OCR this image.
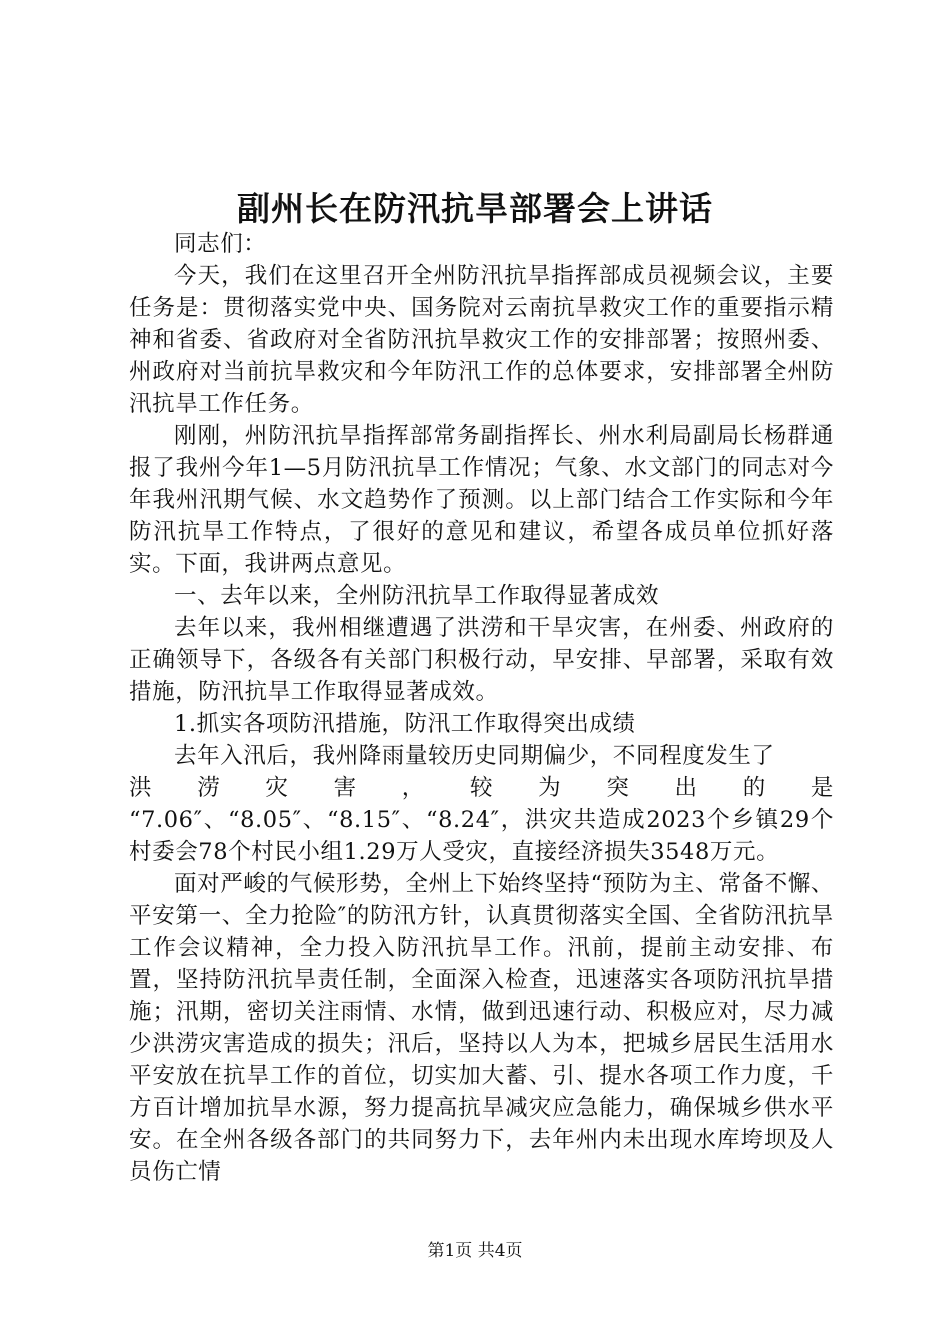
副州长在防汛抗旱部署会上讲话

同志们：

今天，我们在这里召开全州防汛抗旱指挥部成员视频会议，主要任务是：贯彻落实党中央、国务院对云南抗旱救灾工作的重要指示精神和省委、省政府对全省防汛抗旱救灾工作的安排部署；按照州委、州政府对当前抗旱救灾和今年防汛工作的总体要求，安排部署全州防汛抗旱工作任务。

刚刚，州防汛抗旱指挥部常务副指挥长、州水利局副局长杨群通报了我州今年1—5月防汛抗旱工作情况；气象、水文部门的同志对今年我州汛期气候、水文趋势作了预测。以上部门结合工作实际和今年防汛抗旱工作特点，了很好的意见和建议，希望各成员单位抓好落实。下面，我讲两点意见。

一、去年以来，全州防汛抗旱工作取得显著成效

去年以来，我州相继遭遇了洪涝和干旱灾害，在州委、州政府的正确领导下，各级各有关部门积极行动，早安排、早部署，采取有效措施，防汛抗旱工作取得显著成效。

1.抓实各项防汛措施，防汛工作取得突出成绩

去年入汛后，我州降雨量较历史同期偏少，不同程度发生了

洪 涝 灾 害 ， 较 为 突 出 的 是

“7.06″、“8.05″、“8.15″、“8.24″，洪灾共造成2023个乡镇29个村委会78个村民小组1.29万人受灾，直接经济损失3548万元。

面对严峻的气候形势，全州上下始终坚持“预防为主、常备不懈、平安第一、全力抢险″的防汛方针，认真贯彻落实全国、全省防汛抗旱工作会议精神，全力投入防汛抗旱工作。汛前，提前主动安排、布置，坚持防汛抗旱责任制，全面深入检查，迅速落实各项防汛抗旱措施；汛期，密切关注雨情、水情，做到迅速行动、积极应对，尽力减少洪涝灾害造成的损失；汛后，坚持以人为本，把城乡居民生活用水平安放在抗旱工作的首位，切实加大蓄、引、提水各项工作力度，千方百计增加抗旱水源，努力提高抗旱减灾应急能力，确保城乡供水平安。在全州各级各部门的共同努力下，去年州内未出现水库垮坝及人员伤亡情

第1页 共4页
